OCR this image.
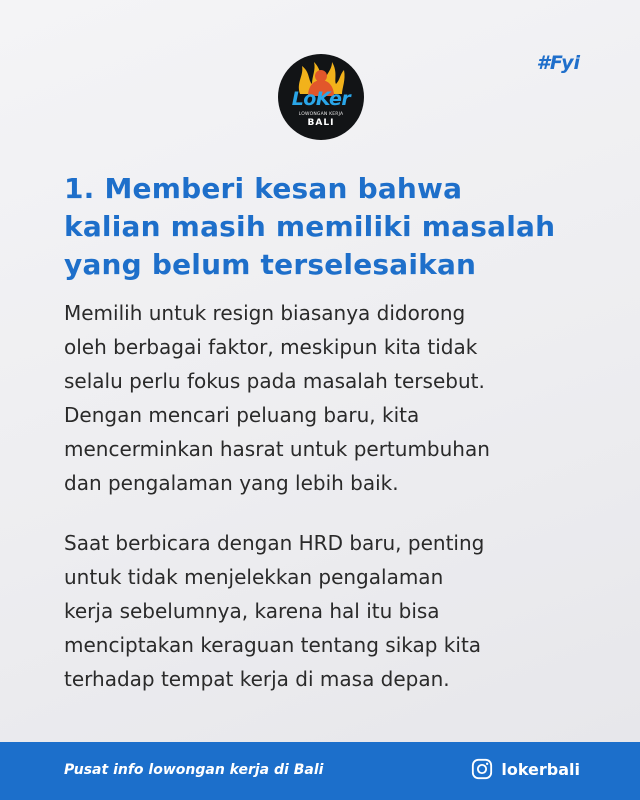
LoKer
LOWONGAN KERJA
BALI
#Fyi
1. Memberi kesan bahwa
kalian masih memiliki masalah
yang belum terselesaikan

Memilih untuk resign biasanya didorong
oleh berbagai faktor, meskipun kita tidak
selalu perlu fokus pada masalah tersebut.
Dengan mencari peluang baru, kita
mencerminkan hasrat untuk pertumbuhan
dan pengalaman yang lebih baik.

Saat berbicara dengan HRD baru, penting
untuk tidak menjelekkan pengalaman
kerja sebelumnya, karena hal itu bisa
menciptakan keraguan tentang sikap kita
terhadap tempat kerja di masa depan.

Pusat info lowongan kerja di Bali	lokerbali
